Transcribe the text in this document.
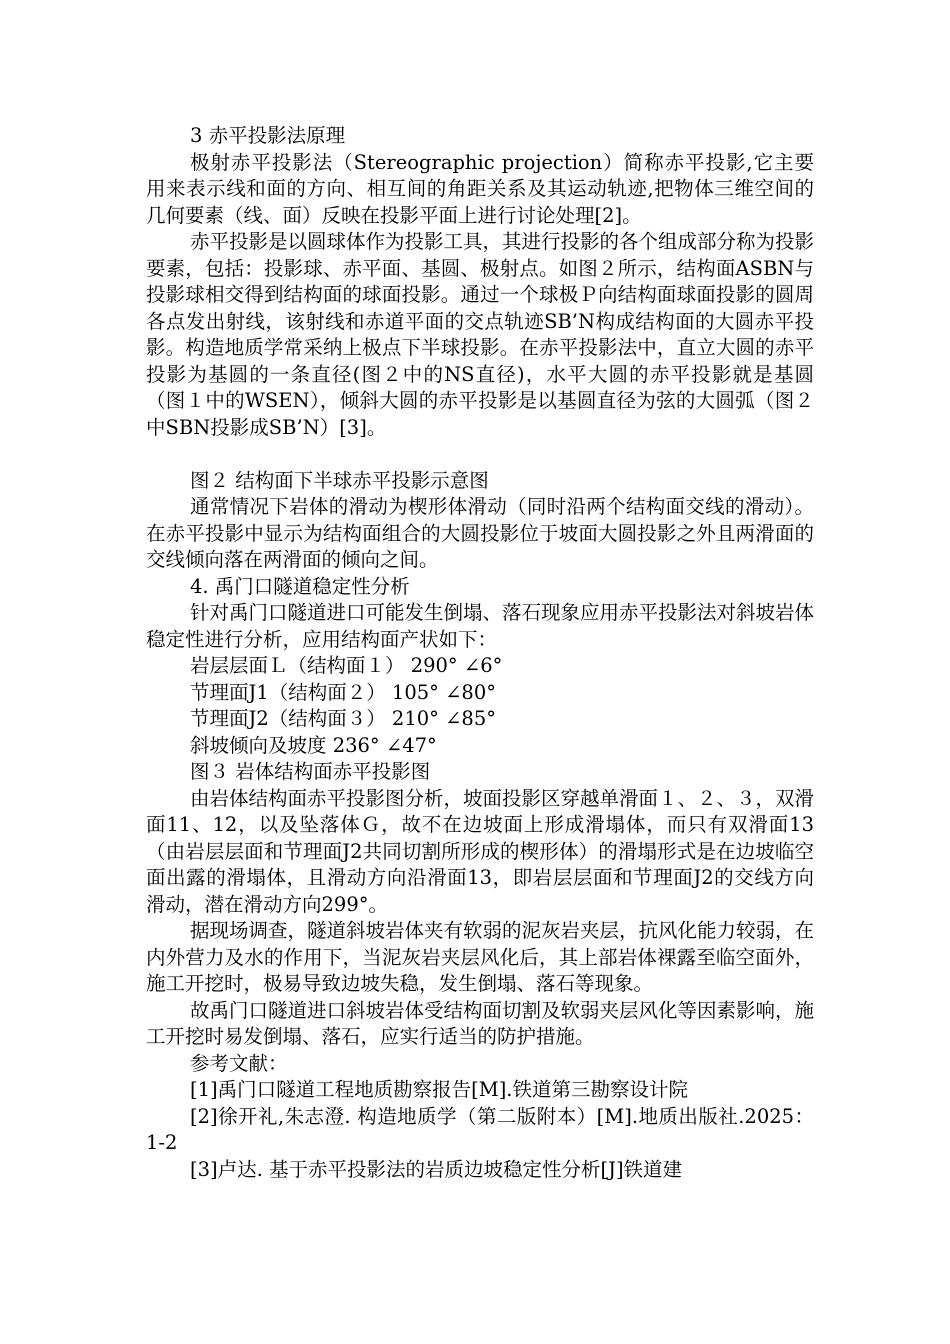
3 赤平投影法原理

极射赤平投影法（Stereographic projection）简称赤平投影,它主要用来表示线和面的方向、相互间的角距关系及其运动轨迹,把物体三维空间的几何要素（线、面）反映在投影平面上进行讨论处理[2]。

赤平投影是以圆球体作为投影工具，其进行投影的各个组成部分称为投影要素，包括：投影球、赤平面、基圆、极射点。如图２所示，结构面ASBN与投影球相交得到结构面的球面投影。通过一个球极Ｐ向结构面球面投影的圆周各点发出射线，该射线和赤道平面的交点轨迹SB’N构成结构面的大圆赤平投影。构造地质学常采纳上极点下半球投影。在赤平投影法中，直立大圆的赤平投影为基圆的一条直径(图２中的NS直径)，水平大圆的赤平投影就是基圆（图１中的WSEN），倾斜大圆的赤平投影是以基圆直径为弦的大圆弧（图２中SBN投影成SB’N）[3]。

图２ 结构面下半球赤平投影示意图

通常情况下岩体的滑动为楔形体滑动（同时沿两个结构面交线的滑动）。在赤平投影中显示为结构面组合的大圆投影位于坡面大圆投影之外且两滑面的交线倾向落在两滑面的倾向之间。

4. 禹门口隧道稳定性分析

针对禹门口隧道进口可能发生倒塌、落石现象应用赤平投影法对斜坡岩体稳定性进行分析，应用结构面产状如下：

岩层层面Ｌ（结构面１） 290° ∠6°

节理面J1（结构面２） 105° ∠80°

节理面J2（结构面３） 210° ∠85°

斜坡倾向及坡度 236° ∠47°

图３ 岩体结构面赤平投影图

由岩体结构面赤平投影图分析，坡面投影区穿越单滑面１、２、３，双滑面11、12，以及坠落体Ｇ，故不在边坡面上形成滑塌体，而只有双滑面13（由岩层层面和节理面J2共同切割所形成的楔形体）的滑塌形式是在边坡临空面出露的滑塌体，且滑动方向沿滑面13，即岩层层面和节理面J2的交线方向滑动，潜在滑动方向299°。

据现场调查，隧道斜坡岩体夹有软弱的泥灰岩夹层，抗风化能力较弱，在内外营力及水的作用下，当泥灰岩夹层风化后，其上部岩体裸露至临空面外，施工开挖时，极易导致边坡失稳，发生倒塌、落石等现象。

故禹门口隧道进口斜坡岩体受结构面切割及软弱夹层风化等因素影响，施工开挖时易发倒塌、落石，应实行适当的防护措施。

参考文献：

[1]禹门口隧道工程地质勘察报告[M].铁道第三勘察设计院

[2]徐开礼,朱志澄. 构造地质学（第二版附本）[M].地质出版社.2025：1-2

[3]卢达. 基于赤平投影法的岩质边坡稳定性分析[J]铁道建
